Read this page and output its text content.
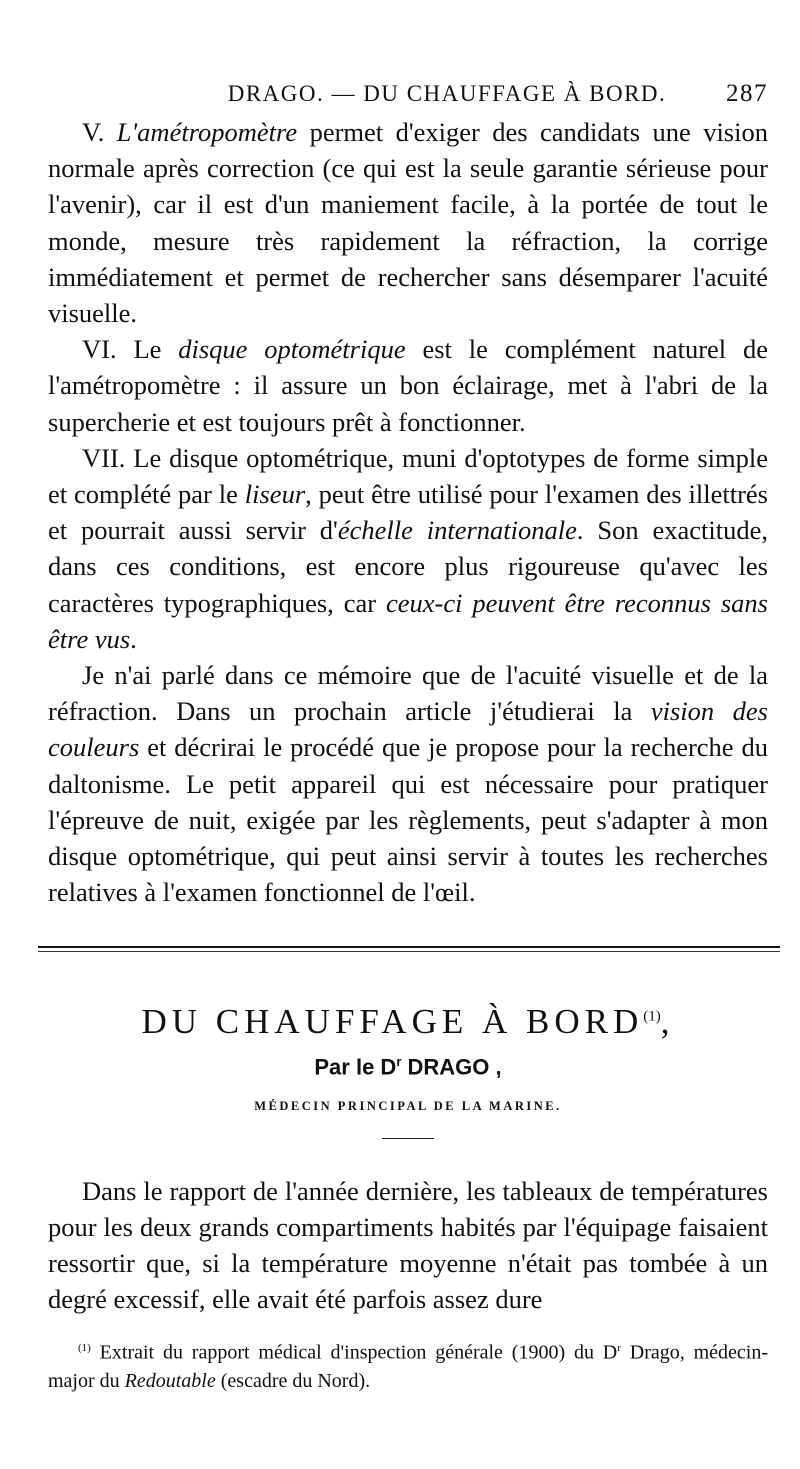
DRAGO. — DU CHAUFFAGE À BORD.	287

V. L'amétropomètre permet d'exiger des candidats une vision normale après correction (ce qui est la seule garantie sérieuse pour l'avenir), car il est d'un maniement facile, à la portée de tout le monde, mesure très rapidement la réfraction, la corrige immédiatement et permet de rechercher sans désemparer l'acuité visuelle.

VI. Le disque optométrique est le complément naturel de l'amétropomètre : il assure un bon éclairage, met à l'abri de la supercherie et est toujours prêt à fonctionner.

VII. Le disque optométrique, muni d'optotypes de forme simple et complété par le liseur, peut être utilisé pour l'examen des illettrés et pourrait aussi servir d'échelle internationale. Son exactitude, dans ces conditions, est encore plus rigoureuse qu'avec les caractères typographiques, car ceux-ci peuvent être reconnus sans être vus.

Je n'ai parlé dans ce mémoire que de l'acuité visuelle et de la réfraction. Dans un prochain article j'étudierai la vision des couleurs et décrirai le procédé que je propose pour la recherche du daltonisme. Le petit appareil qui est nécessaire pour pratiquer l'épreuve de nuit, exigée par les règlements, peut s'adapter à mon disque optométrique, qui peut ainsi servir à toutes les recherches relatives à l'examen fonctionnel de l'œil.

DU CHAUFFAGE À BORD$^{(1)}$,
Par le $D^r$ DRAGO ,
MÉDECIN PRINCIPAL DE LA MARINE.

Dans le rapport de l'année dernière, les tableaux de températures pour les deux grands compartiments habités par l'équipage faisaient ressortir que, si la température moyenne n'était pas tombée à un degré excessif, elle avait été parfois assez dure

$^{(1)}$ Extrait du rapport médical d'inspection générale (1900) du $D^r$ Drago, médecin-major du Redoutable (escadre du Nord).
